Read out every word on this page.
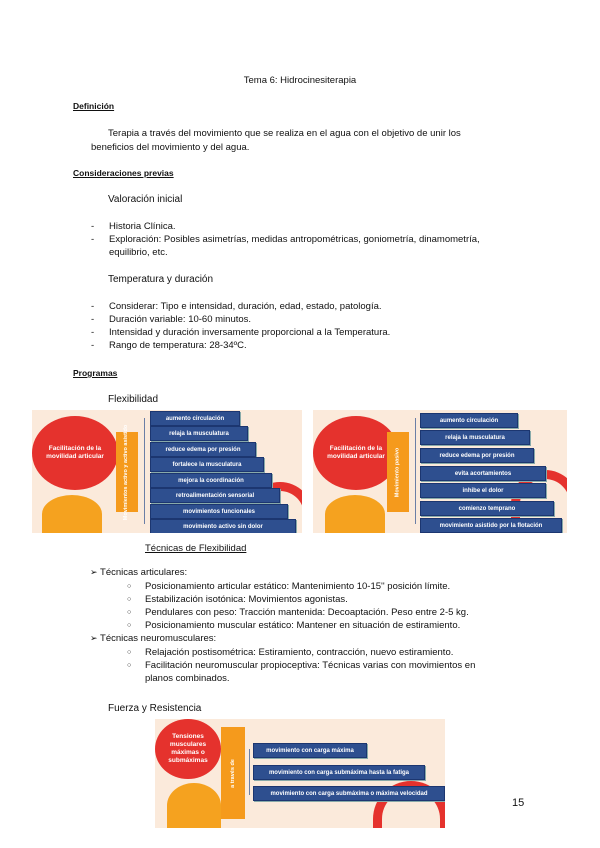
Tema 6: Hidrocinesiterapia
Definición
Terapia a través del movimiento que se realiza en el agua con el objetivo de unir los
beneficios del movimiento y del agua.
Consideraciones previas
Valoración inicial
- Historia Clínica.
- Exploración: Posibles asimetrías, medidas antropométricas, goniometría, dinamometría,
equilibrio, etc.
Temperatura y duración
- Considerar: Tipo e intensidad, duración, edad, estado, patología.
- Duración variable: 10-60 minutos.
- Intensidad y duración inversamente proporcional a la Temperatura.
- Rango de temperatura: 28-34ºC.
Programas
Flexibilidad
Facilitación de la movilidad articular	Movimientos activo y activo asistido
aumento circulación
relaja la musculatura
reduce edema por presión
fortalece la musculatura
mejora la coordinación
retroalimentación sensorial
movimientos funcionales
movimiento activo sin dolor
Facilitación de la movilidad articular	Movimiento pasivo
aumento circulación
relaja la musculatura
reduce edema por presión
evita acortamientos
inhibe el dolor
comienzo temprano
movimiento asistido por la flotación
Técnicas de Flexibilidad
➢ Técnicas articulares:
○ Posicionamiento articular estático: Mantenimiento 10-15'' posición límite.
○ Estabilización isotónica: Movimientos agonistas.
○ Pendulares con peso: Tracción mantenida: Decoaptación. Peso entre 2-5 kg.
○ Posicionamiento muscular estático: Mantener en situación de estiramiento.
➢ Técnicas neuromusculares:
○ Relajación postisométrica: Estiramiento, contracción, nuevo estiramiento.
○ Facilitación neuromuscular propioceptiva: Técnicas varias con movimientos en
planos combinados.
Fuerza y Resistencia
Tensiones musculares máximas o submáximas	a través de
movimiento con carga máxima
movimiento con carga submáxima hasta la fatiga
movimiento con carga submáxima o máxima velocidad
15
